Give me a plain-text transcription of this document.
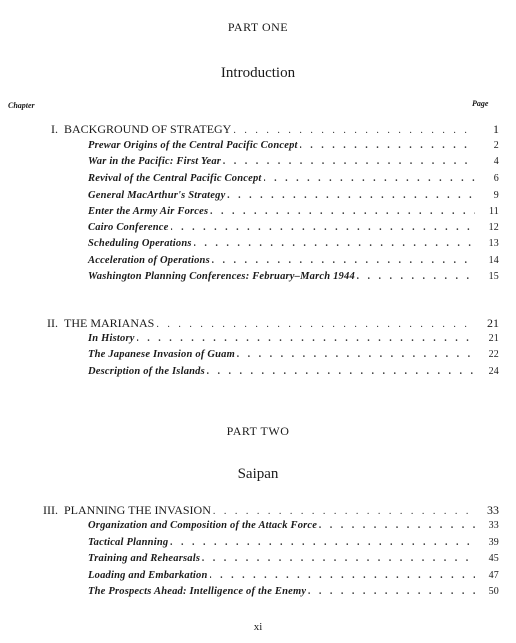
PART ONE
Introduction
Chapter	Page
I. BACKGROUND OF STRATEGY . . .	1
Prewar Origins of the Central Pacific Concept . . .	2
War in the Pacific: First Year . . .	4
Revival of the Central Pacific Concept . . .	6
General MacArthur's Strategy . . .	9
Enter the Army Air Forces . . .	11
Cairo Conference . . .	12
Scheduling Operations . . .	13
Acceleration of Operations . . .	14
Washington Planning Conferences: February–March 1944 . . .	15
II. THE MARIANAS . . .	21
In History . . .	21
The Japanese Invasion of Guam . . .	22
Description of the Islands . . .	24
PART TWO
Saipan
III. PLANNING THE INVASION . . .	33
Organization and Composition of the Attack Force . . .	33
Tactical Planning . . .	39
Training and Rehearsals . . .	45
Loading and Embarkation . . .	47
The Prospects Ahead: Intelligence of the Enemy . . .	50
xi
